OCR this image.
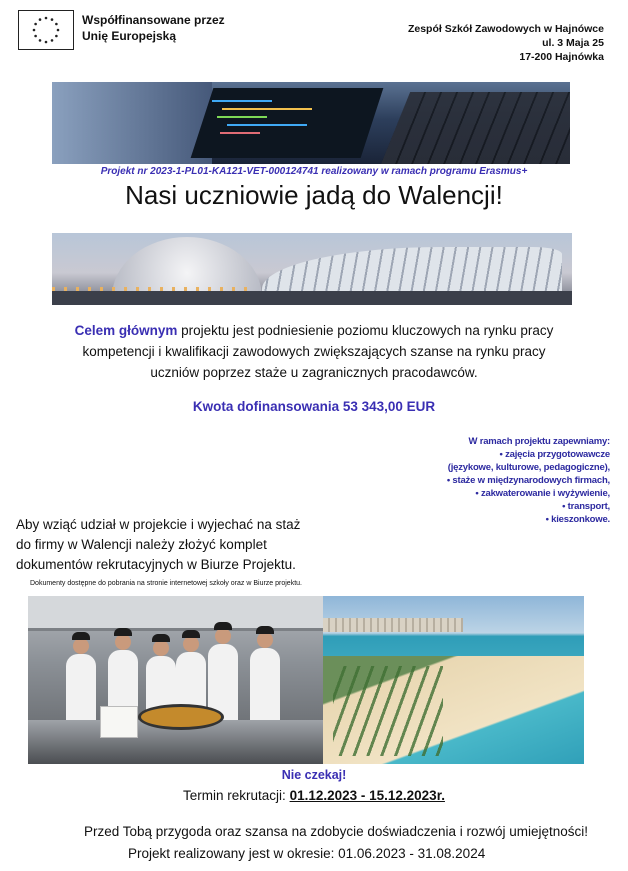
Współfinansowane przez
Unię Europejską	Zespół Szkół Zawodowych w Hajnówce
ul. 3 Maja 25
17-200 Hajnówka
Projekt nr 2023-1-PL01-KA121-VET-000124741 realizowany w ramach programu Erasmus+
Nasi uczniowie jadą do Walencji!
Celem głównym projektu jest podniesienie poziomu kluczowych na rynku pracy kompetencji i kwalifikacji zawodowych zwiększających szanse na rynku pracy uczniów poprzez staże u zagranicznych pracodawców.
Kwota dofinansowania 53 343,00 EUR
W ramach projektu zapewniamy:
• zajęcia przygotowawcze
(językowe, kulturowe, pedagogiczne),
• staże w międzynarodowych firmach,
• zakwaterowanie i wyżywienie,
• transport,
• kieszonkowe.
Aby wziąć udział w projekcie i wyjechać na staż
do firmy w Walencji należy złożyć komplet
dokumentów rekrutacyjnych w Biurze Projektu.
Dokumenty dostępne do pobrania na stronie internetowej szkoły oraz w Biurze projektu.
Nie czekaj!
Termin rekrutacji: 01.12.2023 - 15.12.2023r.
Przed Tobą przygoda oraz szansa na zdobycie doświadczenia i rozwój umiejętności!
Projekt realizowany jest w okresie: 01.06.2023 - 31.08.2024
